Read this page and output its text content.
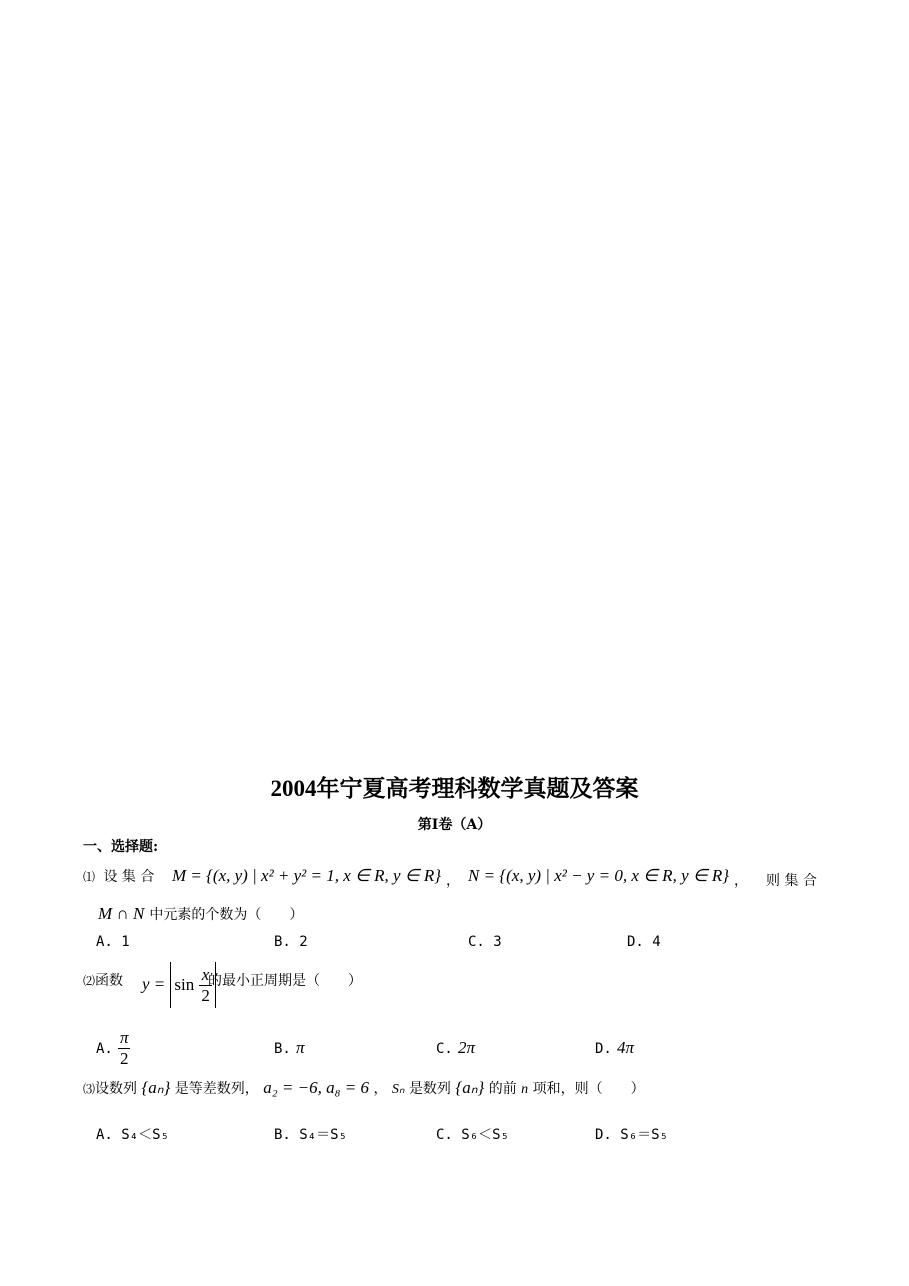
2004年宁夏高考理科数学真题及答案
第Ⅰ卷（A）
一、选择题:
⑴ 设 集 合 M = {(x, y) | x² + y² = 1, x ∈ R, y ∈ R} ， N = {(x, y) | x² − y = 0, x ∈ R, y ∈ R} ， 则 集 合
M ∩ N 中元素的个数为（　　）
A. 1	B. 2	C. 3	D. 4
⑵函数 $y = \sin \frac{x}{2}$
的最小正周期是（　　）
A. $\frac{\pi}{2}$	B. π	C. 2π	D. 4π
⑶设数列 {aₙ} 是等差数列， a₂ = −6, a₈ = 6 ， Sₙ 是数列 {aₙ} 的前 n 项和，则（　　）
A. S₄＜S₅	B. S₄＝S₅	C. S₆＜S₅	D. S₆＝S₅
